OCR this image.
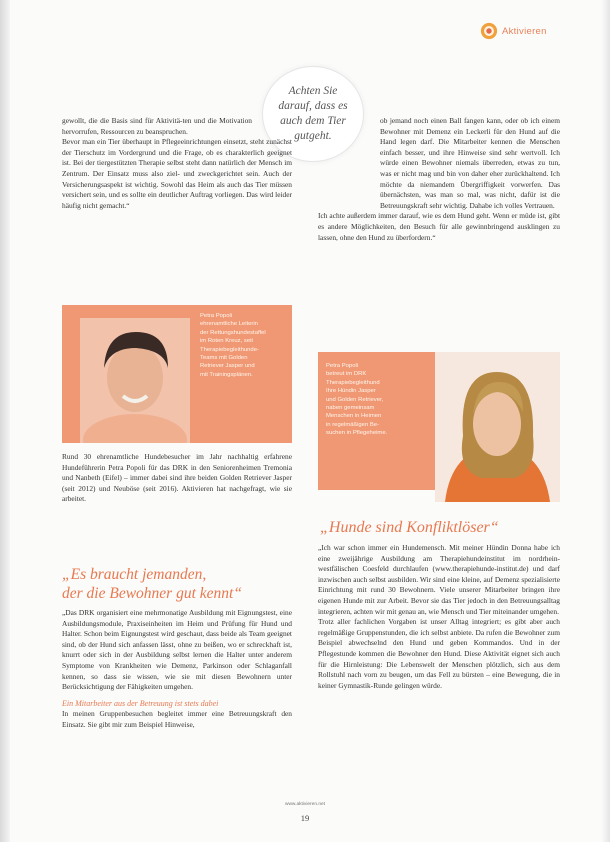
Aktivieren
Achten Sie
darauf, dass es
auch dem Tier
gutgeht.

gewollt, die die Basis sind für Aktivitä-ten und die Motivation hervorrufen, Ressourcen zu beanspruchen.

Bevor man ein Tier überhaupt in Pflegeeinrichtungen einsetzt, steht zunächst der Tierschutz im Vordergrund und die Frage, ob es charakterlich geeignet ist. Bei der tiergestützten Therapie selbst steht dann natürlich der Mensch im Zentrum. Der Einsatz muss also ziel- und zweckgerichtet sein. Auch der Versicherungsaspekt ist wichtig. Sowohl das Heim als auch das Tier müssen versichert sein, und es sollte ein deutlicher Auftrag vorliegen. Das wird leider häufig nicht gemacht.“

ob jemand noch einen Ball fangen kann, oder ob ich einem Bewohner mit Demenz ein Leckerli für den Hund auf die Hand legen darf. Die Mitarbeiter kennen die Menschen einfach besser, und ihre Hinweise sind sehr wertvoll. Ich würde einen Bewohner niemals überreden, etwas zu tun, was er nicht mag und bin von daher eher zurückhaltend. Ich möchte da niemandem Übergriffigkeit vorwerfen. Das übernächsten, was man so mal, was nicht, dafür ist die Betreuungskraft sehr wichtig. Dahabe ich volles Vertrauen.

Ich achte außerdem immer darauf, wie es dem Hund geht. Wenn er müde ist, gibt es andere Möglichkeiten, den Besuch für alle gewinnbringend ausklingen zu lassen, ohne den Hund zu überfordern.“

Petra Popoli
ehrenamtliche Leiterin
der Rettungshundestaffel
im Roten Kreuz, seit
Therapiebegleithunde-
Teams mit Golden
Retriever Jasper und
mit Trainingsplänen.
Petra Popoli
betreut im DRK
Therapiebegleithund
Ihre Hündin Jasper
und Golden Retriever,
naben gemeinsam
Menschen in Heimen
in regelmäßigen Be-
suchen in Pflegeheime.
Rund 30 ehrenamtliche Hundebesucher im Jahr nachhaltig erfahrene Hundeführerin Petra Popoli für das DRK in den Seniorenheimen Tremonia und Nanbeth (Eifel) – immer dabei sind ihre beiden Golden Retriever Jasper (seit 2012) und Neuböse (seit 2016). Aktivieren hat nachgefragt, wie sie arbeitet.
„Es braucht jemanden,
der die Bewohner gut kennt“

„Das DRK organisiert eine mehrmonatige Ausbildung mit Eignungstest, eine Ausbildungsmodule, Praxiseinheiten im Heim und Prüfung für Hund und Halter. Schon beim Eignungstest wird geschaut, dass beide als Team geeignet sind, ob der Hund sich anfassen lässt, ohne zu beißen, wo er schreckhaft ist, knurrt oder sich in der Ausbildung selbst lernen die Halter unter anderem Symptome von Krankheiten wie Demenz, Parkinson oder Schlaganfall kennen, so dass sie wissen, wie sie mit diesen Bewohnern unter Berücksichtigung der Fähigkeiten umgehen.

Ein Mitarbeiter aus der Betreuung ist stets dabei

In meinen Gruppenbesuchen begleitet immer eine Betreuungskraft den Einsatz. Sie gibt mir zum Beispiel Hinweise,

„Hunde sind Konfliktlöser“

„Ich war schon immer ein Hundemensch. Mit meiner Hündin Donna habe ich eine zweijährige Ausbildung am Therapiehundeinstitut im nordrhein-westfälischen Coesfeld durchlaufen (www.therapiehunde-institut.de) und darf inzwischen auch selbst ausbilden. Wir sind eine kleine, auf Demenz spezialisierte Einrichtung mit rund 30 Bewohnern. Viele unserer Mitarbeiter bringen ihre eigenen Hunde mit zur Arbeit. Bevor sie das Tier jedoch in den Betreuungsalltag integrieren, achten wir mit genau an, wie Mensch und Tier miteinander umgehen.

Trotz aller fachlichen Vorgaben ist unser Alltag integriert; es gibt aber auch regelmäßige Gruppenstunden, die ich selbst anbiete. Da rufen die Bewohner zum Beispiel abwechselnd den Hund und geben Kommandos. Und in der Pflegestunde kommen die Bewohner den Hund. Diese Aktivität eignet sich auch für die Hirnleistung: Die Lebenswelt der Menschen plötzlich, sich aus dem Rollstuhl nach vorn zu beugen, um das Fell zu bürsten – eine Bewegung, die in keiner Gymnastik-Runde gelingen würde.

www.aktivieren.net
19
